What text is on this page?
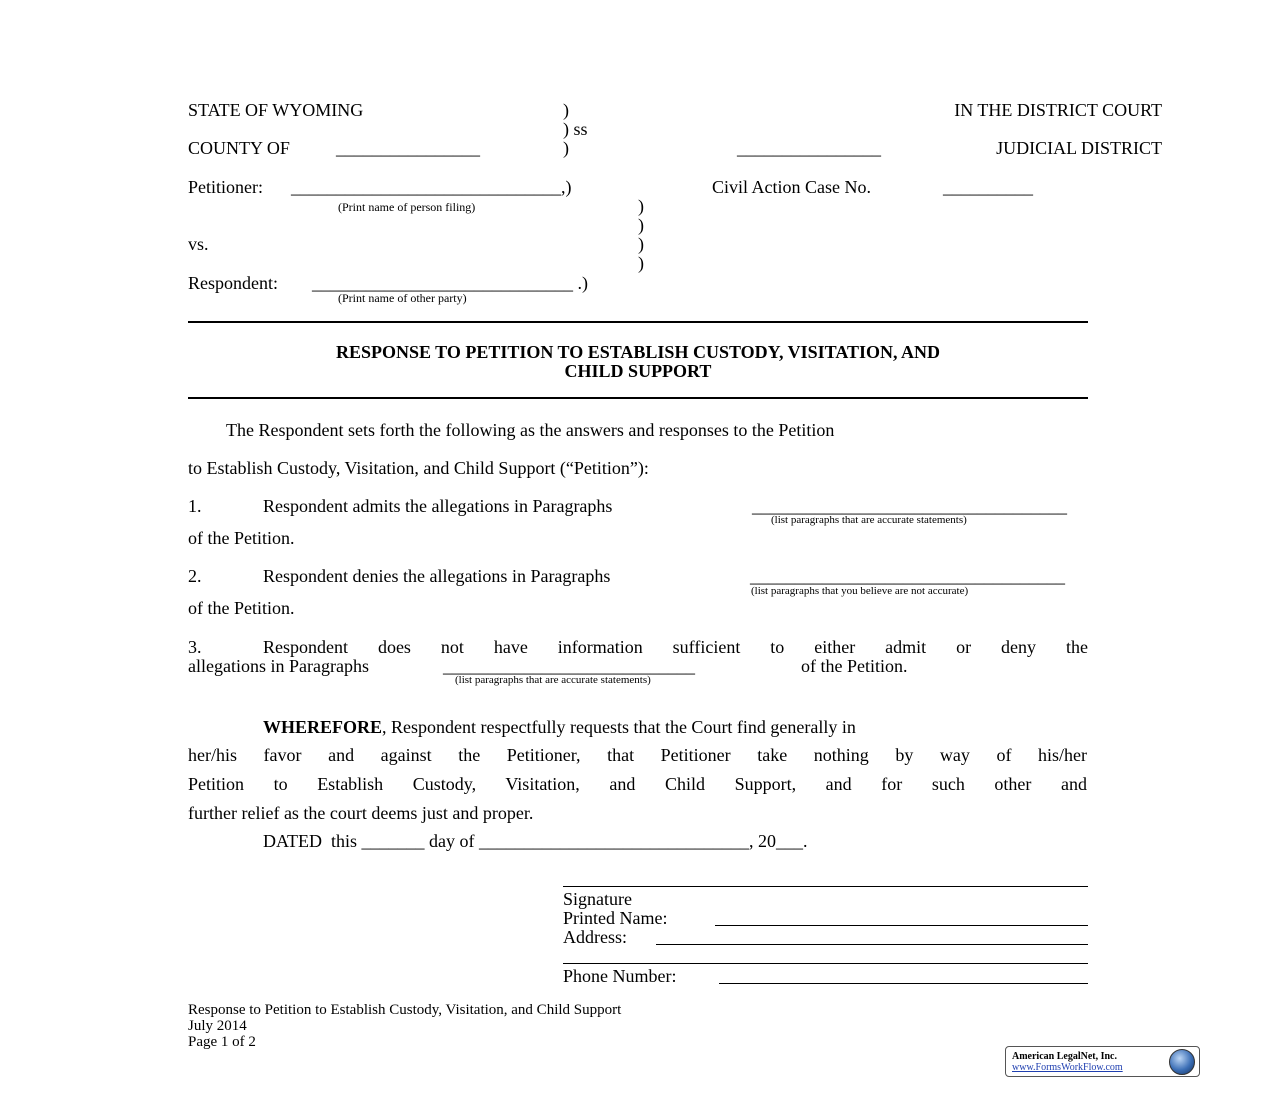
STATE OF WYOMING	)
) ss
)
COUNTY OF	________________
IN THE DISTRICT COURT
________________	JUDICIAL DISTRICT
Petitioner: ______________________________,)
(Print name of person filing)	)
)
vs.	)
)
Respondent: _____________________________ .)
(Print name of other party)
Civil Action Case No.	__________
RESPONSE TO PETITION TO ESTABLISH CUSTODY, VISITATION, AND
CHILD SUPPORT
The Respondent sets forth the following as the answers and responses to the Petition
to Establish Custody, Visitation, and Child Support (“Petition”):
1.	Respondent admits the allegations in Paragraphs	___________________________________
(list paragraphs that are accurate statements)
of the Petition.
2.	Respondent denies the allegations in Paragraphs	___________________________________
(list paragraphs that you believe are not accurate)
of the Petition.
3.	Respondent does not have information sufficient to either admit or deny the
allegations in Paragraphs	____________________________	of the Petition.
(list paragraphs that are accurate statements)
WHEREFORE, Respondent respectfully requests that the Court find generally in
her/his favor and against the Petitioner, that Petitioner take nothing by way of his/her
Petition to Establish Custody, Visitation, and Child Support, and for such other and
further relief as the court deems just and proper.
DATED  this _______ day of ______________________________, 20___.
Signature
Printed Name:
Address:
Phone Number:
Response to Petition to Establish Custody, Visitation, and Child Support
July 2014
Page 1 of 2
American LegalNet, Inc.
www.FormsWorkFlow.com
